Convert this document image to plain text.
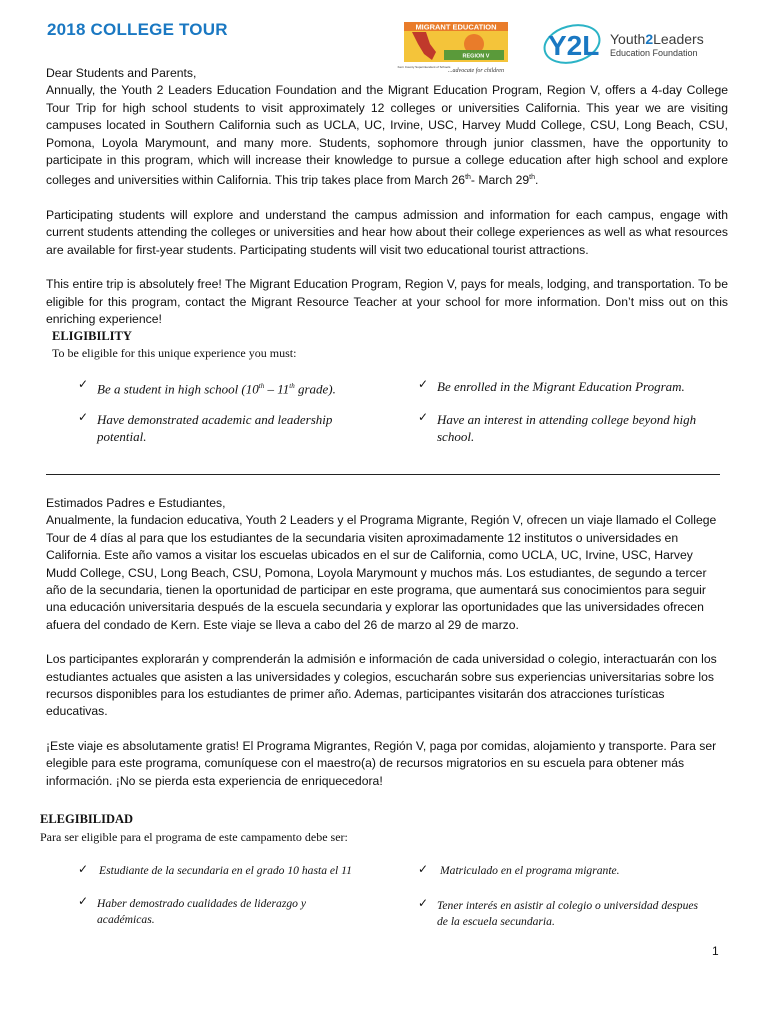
2018 COLLEGE TOUR	MIGRANT EDUCATION
REGION V
Kern County Superintendent of Schools
...advocate for children
Y2L Youth2Leaders
Education Foundation

Dear Students and Parents,

Annually, the Youth 2 Leaders Education Foundation and the Migrant Education Program, Region V, offers a 4-day College Tour Trip for high school students to visit approximately 12 colleges or universities California. This year we are visiting campuses located in Southern California such as UCLA, UC, Irvine, USC, Harvey Mudd College, CSU, Long Beach, CSU, Pomona, Loyola Marymount, and many more. Students, sophomore through junior classmen, have the opportunity to participate in this program, which will increase their knowledge to pursue a college education after high school and explore colleges and universities within California. This trip takes place from March 26th- March 29th.

Participating students will explore and understand the campus admission and information for each campus, engage with current students attending the colleges or universities and hear how about their college experiences as well as what resources are available for first-year students. Participating students will visit two educational tourist attractions.

This entire trip is absolutely free! The Migrant Education Program, Region V, pays for meals, lodging, and transportation. To be eligible for this program, contact the Migrant Resource Teacher at your school for more information. Don’t miss out on this enriching experience!

ELIGIBILITY
To be eligible for this unique experience you must:
✓ Be a student in high school (10th – 11th grade).	✓ Be enrolled in the Migrant Education Program.
✓ Have demonstrated academic and leadership potential.
✓ Have an interest in attending college beyond high school.

Estimados Padres e Estudiantes,

Anualmente, la fundacion educativa, Youth 2 Leaders y el Programa Migrante, Región V, ofrecen un viaje llamado el College Tour de 4 días al para que los estudiantes de la secundaria visiten aproximadamente 12 institutos o universidades en California. Este año vamos a visitar los escuelas ubicados en el sur de California, como UCLA, UC, Irvine, USC, Harvey Mudd College, CSU, Long Beach, CSU, Pomona, Loyola Marymount y muchos más. Los estudiantes, de segundo a tercer año de la secundaria, tienen la oportunidad de participar en este programa, que aumentará sus conocimientos para seguir una educación universitaria después de la escuela secundaria y explorar las oportunidades que las universidades ofrecen afuera del condado de Kern. Este viaje se lleva a cabo del 26 de marzo al 29 de marzo.

Los participantes explorarán y comprenderán la admisión e información de cada universidad o colegio, interactuarán con los estudiantes actuales que asisten a las universidades y colegios, escucharán sobre sus experiencias universitarias sobre los recursos disponibles para los estudiantes de primer año. Ademas, participantes visitarán dos atracciones turísticas educativas.

¡Este viaje es absolutamente gratis! El Programa Migrantes, Región V, paga por comidas, alojamiento y transporte. Para ser elegible para este programa, comuníquese con el maestro(a) de recursos migratorios en su escuela para obtener más información. ¡No se pierda esta experiencia de enriquecedora!

ELEGIBILIDAD
Para ser eligible para el programa de este campamento debe ser:
✓ Estudiante de la secundaria en el grado 10 hasta el 11	✓ Matriculado en el programa migrante.
✓ Haber demostrado cualidades de liderazgo y académicas.
✓ Tener interés en asistir al colegio o universidad despues de la escuela secundaria.
1
